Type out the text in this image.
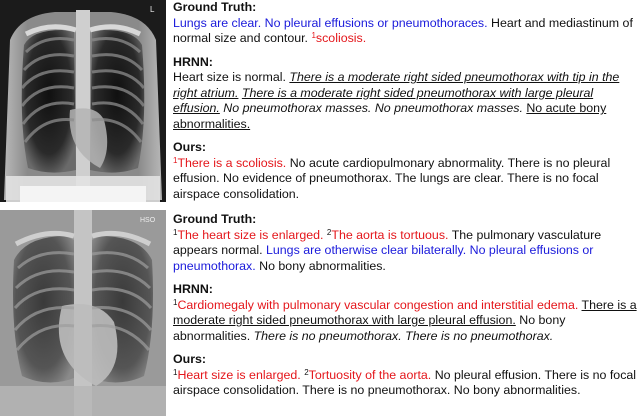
L Ground Truth:
Lungs are clear. No pleural effusions or pneumothoraces. Heart and mediastinum of normal size and contour. $^1$scoliosis.
HRNN:
Heart size is normal. There is a moderate right sided pneumothorax with tip in the right atrium. There is a moderate right sided pneumothorax with large pleural effusion. No pneumothorax masses. No pneumothorax masses. No acute bony abnormalities.
Ours:
$^1$There is a scoliosis. No acute cardiopulmonary abnormality. There is no pleural effusion. No evidence of pneumothorax. The lungs are clear. There is no focal airspace consolidation.
HSO Ground Truth:
$^1$The heart size is enlarged. $^2$The aorta is tortuous. The pulmonary vasculature appears normal. Lungs are otherwise clear bilaterally. No pleural effusions or pneumothorax. No bony abnormalities.
HRNN:
$^1$Cardiomegaly with pulmonary vascular congestion and interstitial edema. There is a moderate right sided pneumothorax with large pleural effusion. No bony abnormalities. There is no pneumothorax. There is no pneumothorax.
Ours:
$^1$Heart size is enlarged. $^2$Tortuosity of the aorta. No pleural effusion. There is no focal airspace consolidation. There is no pneumothorax. No bony abnormalities.
